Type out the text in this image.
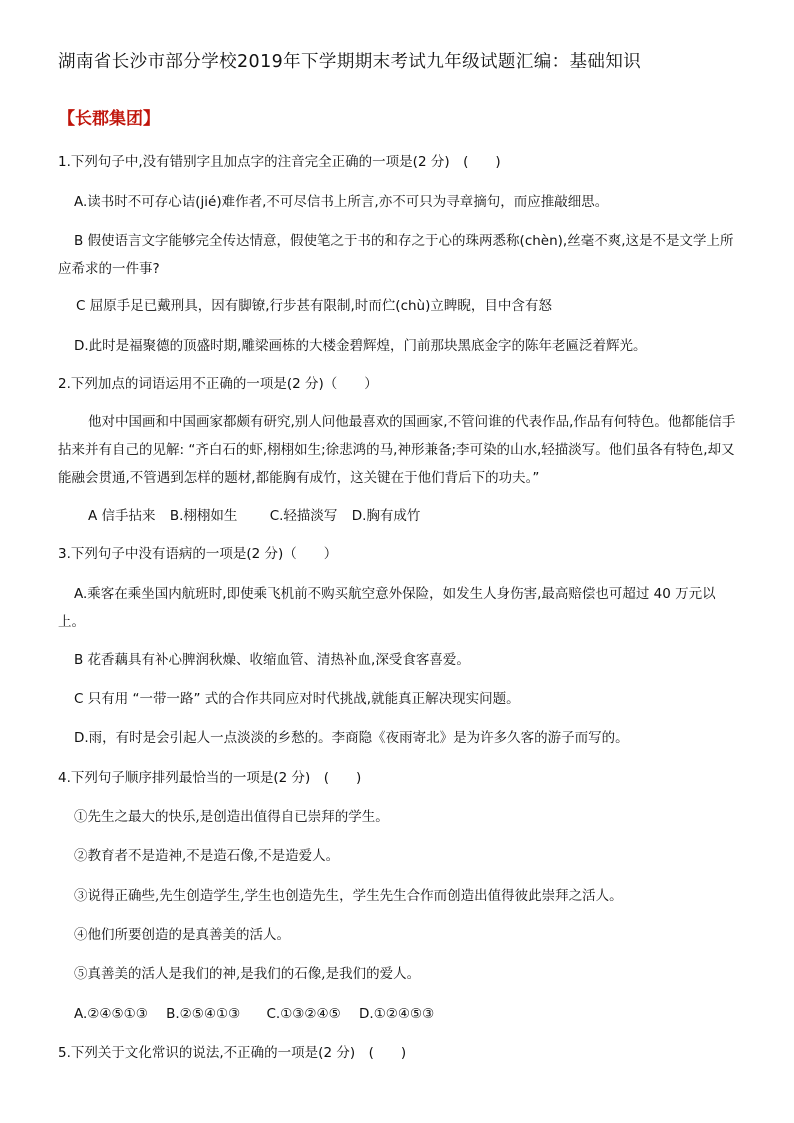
湖南省长沙市部分学校2019年下学期期末考试九年级试题汇编：基础知识
【长郡集团】
1.下列句子中,没有错别字且加点字的注音完全正确的一项是(2 分)　(　　)
A.读书时不可存心诘(jié)难作者,不可尽信书上所言,亦不可只为寻章摘句，而应推敲细思。
B 假使语言文字能够完全传达情意，假使笔之于书的和存之于心的珠两悉称(chèn),丝毫不爽,这是不是文学上所应希求的一件事?
C 屈原手足已戴刑具，因有脚镣,行步甚有限制,时而伫(chù)立睥睨，目中含有怒
D.此时是福聚德的顶盛时期,雕梁画栋的大楼金碧辉煌，门前那块黑底金字的陈年老匾泛着辉光。
2.下列加点的词语运用不正确的一项是(2 分)（　　）
他对中国画和中国画家都颇有研究,别人问他最喜欢的国画家,不管问谁的代表作品,作品有何特色。他都能信手拈来并有自己的见解: “齐白石的虾,栩栩如生;徐悲鸿的马,神形兼备;李可染的山水,轻描淡写。他们虽各有特色,却又能融会贯通,不管遇到怎样的题材,都能胸有成竹，这关键在于他们背后下的功夫。”
A 信手拈来 B.栩栩如生 C.轻描淡写 D.胸有成竹
3.下列句子中没有语病的一项是(2 分)（　　）
A.乘客在乘坐国内航班时,即使乘飞机前不购买航空意外保险，如发生人身伤害,最高赔偿也可超过 40 万元以上。
B 花香藕具有补心脾润秋燥、收缩血管、清热补血,深受食客喜爱。
C 只有用 “一带一路” 式的合作共同应对时代挑战,就能真正解决现实问题。
D.雨，有时是会引起人一点淡淡的乡愁的。李商隐《夜雨寄北》是为许多久客的游子而写的。
4.下列句子顺序排列最恰当的一项是(2 分)　(　　)
①先生之最大的快乐,是创造出值得自已崇拜的学生。
②教育者不是造神,不是造石像,不是造爱人。
③说得正确些,先生创造学生,学生也创造先生，学生先生合作而创造出值得彼此崇拜之活人。
④他们所要创造的是真善美的活人。
⑤真善美的活人是我们的神,是我们的石像,是我们的爱人。
A.②④⑤①③ B.②⑤④①③ C.①③②④⑤ D.①②④⑤③
5.下列关于文化常识的说法,不正确的一项是(2 分)　(　　)
